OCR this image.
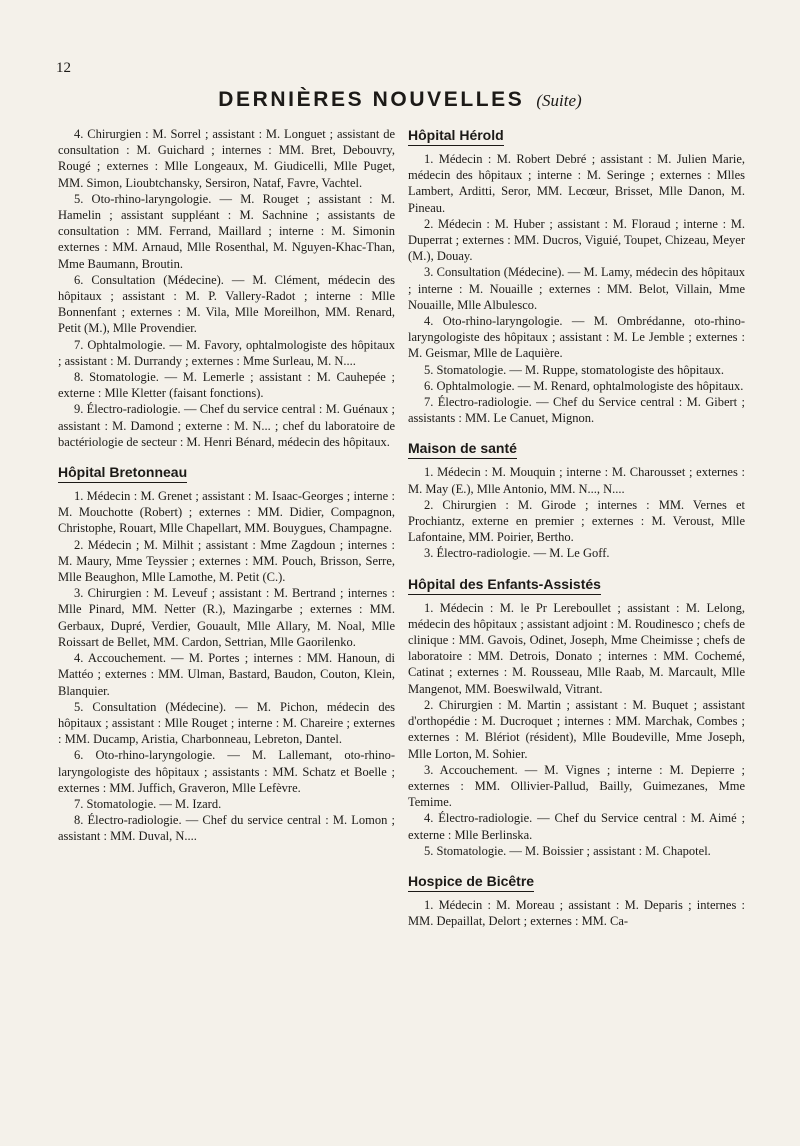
12
DERNIÈRES NOUVELLES (Suite)

4. Chirurgien : M. Sorrel ; assistant : M. Longuet ; assistant de consultation : M. Guichard ; internes : MM. Bret, Debouvry, Rougé ; externes : Mlle Longeaux, M. Giudicelli, Mlle Puget, MM. Simon, Lioubtchansky, Sersiron, Nataf, Favre, Vachtel.

5. Oto-rhino-laryngologie. — M. Rouget ; assistant : M. Hamelin ; assistant suppléant : M. Sachnine ; assistants de consultation : MM. Ferrand, Maillard ; interne : M. Simonin externes : MM. Arnaud, Mlle Rosenthal, M. Nguyen-Khac-Than, Mme Baumann, Broutin.

6. Consultation (Médecine). — M. Clément, médecin des hôpitaux ; assistant : M. P. Vallery-Radot ; interne : Mlle Bonnenfant ; externes : M. Vila, Mlle Moreilhon, MM. Renard, Petit (M.), Mlle Provendier.

7. Ophtalmologie. — M. Favory, ophtalmologiste des hôpitaux ; assistant : M. Durrandy ; externes : Mme Surleau, M. N....

8. Stomatologie. — M. Lemerle ; assistant : M. Cauhepée ; externe : Mlle Kletter (faisant fonctions).

9. Électro-radiologie. — Chef du service central : M. Guénaux ; assistant : M. Damond ; externe : M. N... ; chef du laboratoire de bactériologie de secteur : M. Henri Bénard, médecin des hôpitaux.

Hôpital Bretonneau

1. Médecin : M. Grenet ; assistant : M. Isaac-Georges ; interne : M. Mouchotte (Robert) ; externes : MM. Didier, Compagnon, Christophe, Rouart, Mlle Chapellart, MM. Bouygues, Champagne.

2. Médecin ; M. Milhit ; assistant : Mme Zagdoun ; internes : M. Maury, Mme Teyssier ; externes : MM. Pouch, Brisson, Serre, Mlle Beaughon, Mlle Lamothe, M. Petit (C.).

3. Chirurgien : M. Leveuf ; assistant : M. Bertrand ; internes : Mlle Pinard, MM. Netter (R.), Mazingarbe ; externes : MM. Gerbaux, Dupré, Verdier, Gouault, Mlle Allary, M. Noal, Mlle Roissart de Bellet, MM. Cardon, Settrian, Mlle Gaorilenko.

4. Accouchement. — M. Portes ; internes : MM. Hanoun, di Mattéo ; externes : MM. Ulman, Bastard, Baudon, Couton, Klein, Blanquier.

5. Consultation (Médecine). — M. Pichon, médecin des hôpitaux ; assistant : Mlle Rouget ; interne : M. Chareire ; externes : MM. Ducamp, Aristia, Charbonneau, Lebreton, Dantel.

6. Oto-rhino-laryngologie. — M. Lallemant, oto-rhino-laryngologiste des hôpitaux ; assistants : MM. Schatz et Boelle ; externes : MM. Juffich, Graveron, Mlle Lefèvre.

7. Stomatologie. — M. Izard.

8. Électro-radiologie. — Chef du service central : M. Lomon ; assistant : MM. Duval, N....

Hôpital Hérold

1. Médecin : M. Robert Debré ; assistant : M. Julien Marie, médecin des hôpitaux ; interne : M. Seringe ; externes : Mlles Lambert, Arditti, Seror, MM. Lecœur, Brisset, Mlle Danon, M. Pineau.

2. Médecin : M. Huber ; assistant : M. Floraud ; interne : M. Duperrat ; externes : MM. Ducros, Viguié, Toupet, Chizeau, Meyer (M.), Douay.

3. Consultation (Médecine). — M. Lamy, médecin des hôpitaux ; interne : M. Nouaille ; externes : MM. Belot, Villain, Mme Nouaille, Mlle Albulesco.

4. Oto-rhino-laryngologie. — M. Ombrédanne, oto-rhino-laryngologiste des hôpitaux ; assistant : M. Le Jemble ; externes : M. Geismar, Mlle de Laquière.

5. Stomatologie. — M. Ruppe, stomatologiste des hôpitaux.

6. Ophtalmologie. — M. Renard, ophtalmologiste des hôpitaux.

7. Électro-radiologie. — Chef du Service central : M. Gibert ; assistants : MM. Le Canuet, Mignon.

Maison de santé

1. Médecin : M. Mouquin ; interne : M. Charousset ; externes : M. May (E.), Mlle Antonio, MM. N..., N....

2. Chirurgien : M. Girode ; internes : MM. Vernes et Prochiantz, externe en premier ; externes : M. Veroust, Mlle Lafontaine, MM. Poirier, Bertho.

3. Électro-radiologie. — M. Le Goff.

Hôpital des Enfants-Assistés

1. Médecin : M. le Pr Lereboullet ; assistant : M. Lelong, médecin des hôpitaux ; assistant adjoint : M. Roudinesco ; chefs de clinique : MM. Gavois, Odinet, Joseph, Mme Cheimisse ; chefs de laboratoire : MM. Detrois, Donato ; internes : MM. Cochemé, Catinat ; externes : M. Rousseau, Mlle Raab, M. Marcault, Mlle Mangenot, MM. Boeswilwald, Vitrant.

2. Chirurgien : M. Martin ; assistant : M. Buquet ; assistant d'orthopédie : M. Ducroquet ; internes : MM. Marchak, Combes ; externes : M. Blériot (résident), Mlle Boudeville, Mme Joseph, Mlle Lorton, M. Sohier.

3. Accouchement. — M. Vignes ; interne : M. Depierre ; externes : MM. Ollivier-Pallud, Bailly, Guimezanes, Mme Temime.

4. Électro-radiologie. — Chef du Service central : M. Aimé ; externe : Mlle Berlinska.

5. Stomatologie. — M. Boissier ; assistant : M. Chapotel.

Hospice de Bicêtre

1. Médecin : M. Moreau ; assistant : M. Deparis ; internes : MM. Depaillat, Delort ; externes : MM. Ca-
